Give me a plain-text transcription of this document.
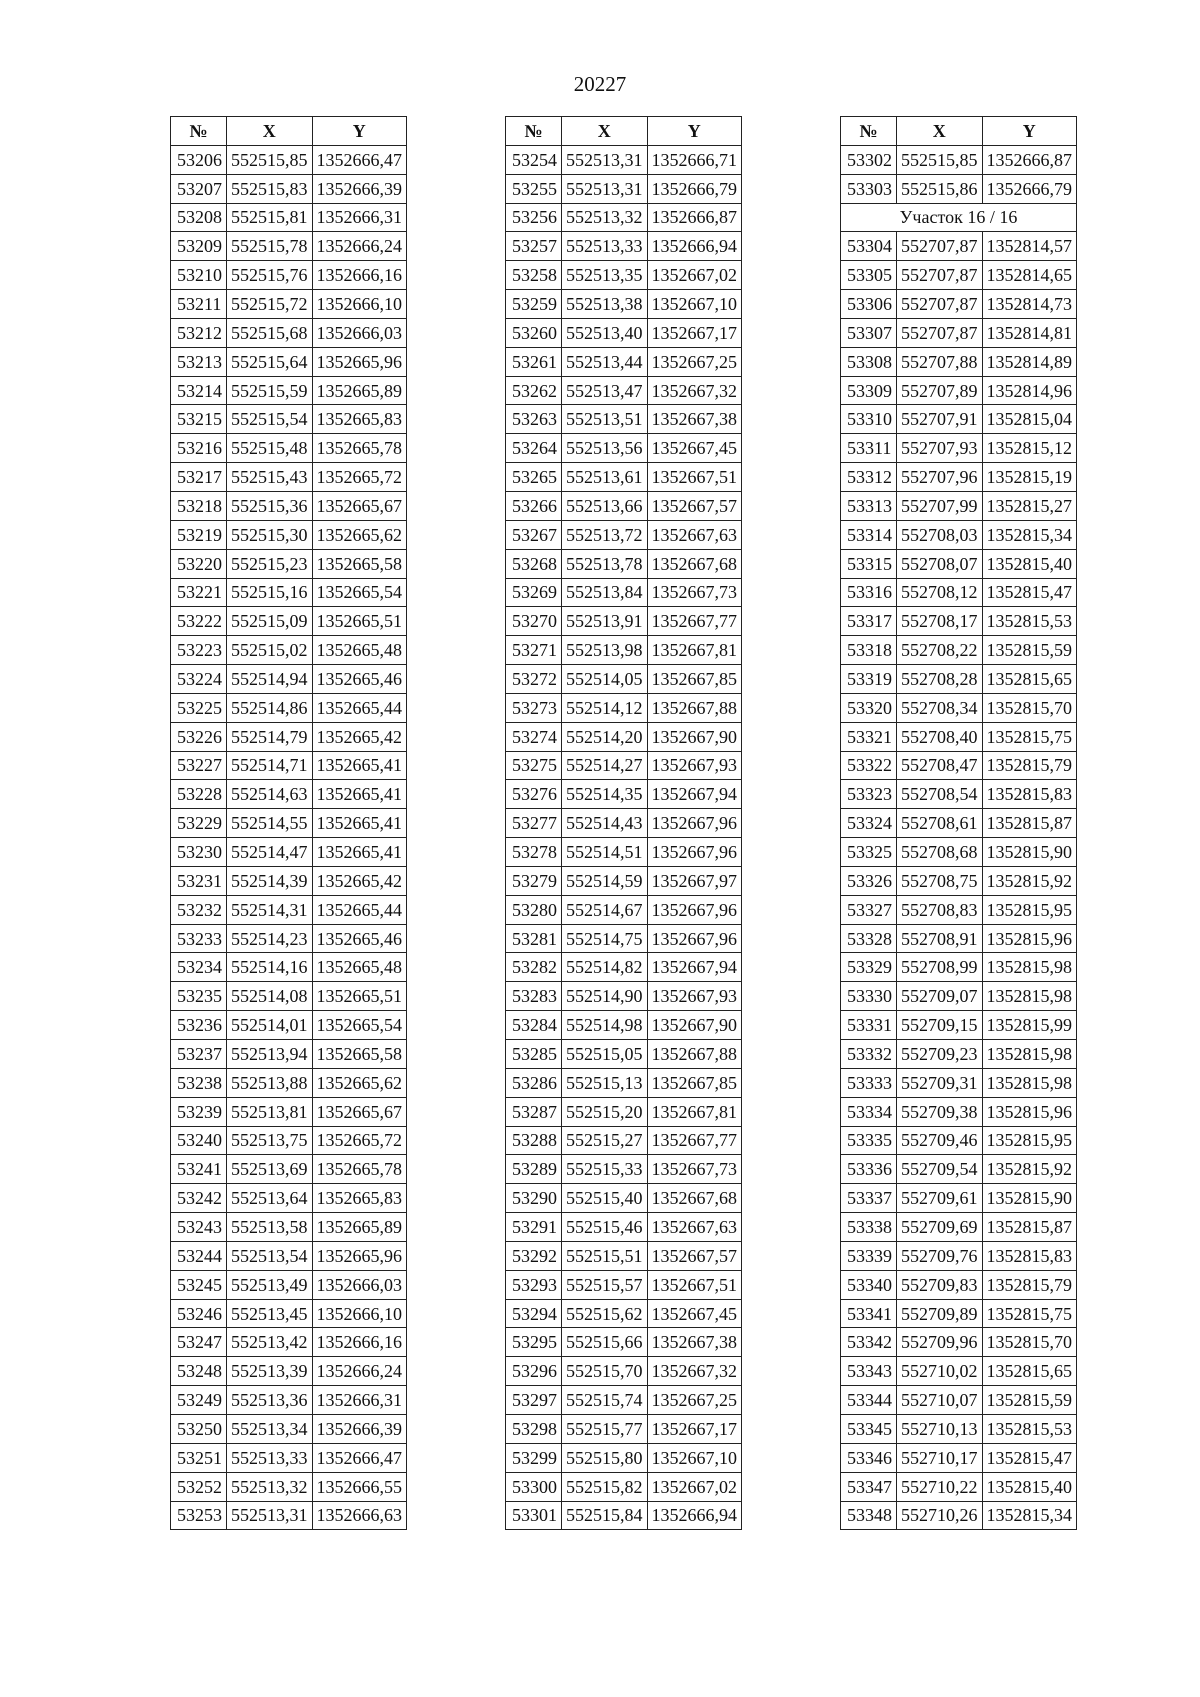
20227
№	X	Y
53206	552515,85	1352666,47
53207	552515,83	1352666,39
53208	552515,81	1352666,31
53209	552515,78	1352666,24
53210	552515,76	1352666,16
53211	552515,72	1352666,10
53212	552515,68	1352666,03
53213	552515,64	1352665,96
53214	552515,59	1352665,89
53215	552515,54	1352665,83
53216	552515,48	1352665,78
53217	552515,43	1352665,72
53218	552515,36	1352665,67
53219	552515,30	1352665,62
53220	552515,23	1352665,58
53221	552515,16	1352665,54
53222	552515,09	1352665,51
53223	552515,02	1352665,48
53224	552514,94	1352665,46
53225	552514,86	1352665,44
53226	552514,79	1352665,42
53227	552514,71	1352665,41
53228	552514,63	1352665,41
53229	552514,55	1352665,41
53230	552514,47	1352665,41
53231	552514,39	1352665,42
53232	552514,31	1352665,44
53233	552514,23	1352665,46
53234	552514,16	1352665,48
53235	552514,08	1352665,51
53236	552514,01	1352665,54
53237	552513,94	1352665,58
53238	552513,88	1352665,62
53239	552513,81	1352665,67
53240	552513,75	1352665,72
53241	552513,69	1352665,78
53242	552513,64	1352665,83
53243	552513,58	1352665,89
53244	552513,54	1352665,96
53245	552513,49	1352666,03
53246	552513,45	1352666,10
53247	552513,42	1352666,16
53248	552513,39	1352666,24
53249	552513,36	1352666,31
53250	552513,34	1352666,39
53251	552513,33	1352666,47
53252	552513,32	1352666,55
53253	552513,31	1352666,63
№	X	Y
53254	552513,31	1352666,71
53255	552513,31	1352666,79
53256	552513,32	1352666,87
53257	552513,33	1352666,94
53258	552513,35	1352667,02
53259	552513,38	1352667,10
53260	552513,40	1352667,17
53261	552513,44	1352667,25
53262	552513,47	1352667,32
53263	552513,51	1352667,38
53264	552513,56	1352667,45
53265	552513,61	1352667,51
53266	552513,66	1352667,57
53267	552513,72	1352667,63
53268	552513,78	1352667,68
53269	552513,84	1352667,73
53270	552513,91	1352667,77
53271	552513,98	1352667,81
53272	552514,05	1352667,85
53273	552514,12	1352667,88
53274	552514,20	1352667,90
53275	552514,27	1352667,93
53276	552514,35	1352667,94
53277	552514,43	1352667,96
53278	552514,51	1352667,96
53279	552514,59	1352667,97
53280	552514,67	1352667,96
53281	552514,75	1352667,96
53282	552514,82	1352667,94
53283	552514,90	1352667,93
53284	552514,98	1352667,90
53285	552515,05	1352667,88
53286	552515,13	1352667,85
53287	552515,20	1352667,81
53288	552515,27	1352667,77
53289	552515,33	1352667,73
53290	552515,40	1352667,68
53291	552515,46	1352667,63
53292	552515,51	1352667,57
53293	552515,57	1352667,51
53294	552515,62	1352667,45
53295	552515,66	1352667,38
53296	552515,70	1352667,32
53297	552515,74	1352667,25
53298	552515,77	1352667,17
53299	552515,80	1352667,10
53300	552515,82	1352667,02
53301	552515,84	1352666,94
№	X	Y
53302	552515,85	1352666,87
53303	552515,86	1352666,79
Участок 16 / 16		
53304	552707,87	1352814,57
53305	552707,87	1352814,65
53306	552707,87	1352814,73
53307	552707,87	1352814,81
53308	552707,88	1352814,89
53309	552707,89	1352814,96
53310	552707,91	1352815,04
53311	552707,93	1352815,12
53312	552707,96	1352815,19
53313	552707,99	1352815,27
53314	552708,03	1352815,34
53315	552708,07	1352815,40
53316	552708,12	1352815,47
53317	552708,17	1352815,53
53318	552708,22	1352815,59
53319	552708,28	1352815,65
53320	552708,34	1352815,70
53321	552708,40	1352815,75
53322	552708,47	1352815,79
53323	552708,54	1352815,83
53324	552708,61	1352815,87
53325	552708,68	1352815,90
53326	552708,75	1352815,92
53327	552708,83	1352815,95
53328	552708,91	1352815,96
53329	552708,99	1352815,98
53330	552709,07	1352815,98
53331	552709,15	1352815,99
53332	552709,23	1352815,98
53333	552709,31	1352815,98
53334	552709,38	1352815,96
53335	552709,46	1352815,95
53336	552709,54	1352815,92
53337	552709,61	1352815,90
53338	552709,69	1352815,87
53339	552709,76	1352815,83
53340	552709,83	1352815,79
53341	552709,89	1352815,75
53342	552709,96	1352815,70
53343	552710,02	1352815,65
53344	552710,07	1352815,59
53345	552710,13	1352815,53
53346	552710,17	1352815,47
53347	552710,22	1352815,40
53348	552710,26	1352815,34
